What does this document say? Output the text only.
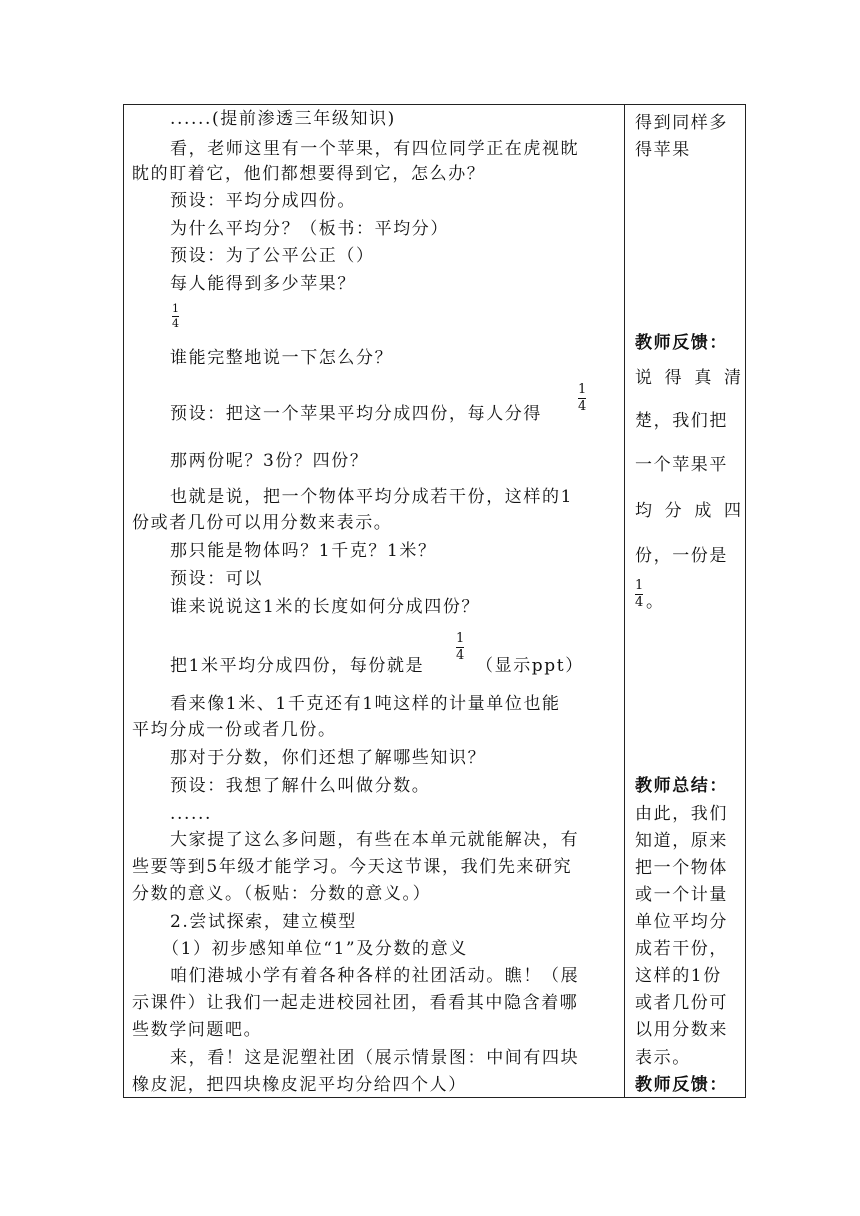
......(提前渗透三年级知识)
看，老师这里有一个苹果，有四位同学正在虎视眈
眈的盯着它，他们都想要得到它，怎么办？
预设：平均分成四份。
为什么平均分？（板书：平均分）
预设：为了公平公正（）
每人能得到多少苹果？
1
4
谁能完整地说一下怎么分？
预设：把这一个苹果平均分成四份，每人分得
1
4
那两份呢？3份？四份？
也就是说，把一个物体平均分成若干份，这样的1
份或者几份可以用分数来表示。
那只能是物体吗？1千克？1米？
预设：可以
谁来说说这1米的长度如何分成四份？
把1米平均分成四份，每份就是
1
4
（显示ppt）
看来像1米、1千克还有1吨这样的计量单位也能
平均分成一份或者几份。
那对于分数，你们还想了解哪些知识？
预设：我想了解什么叫做分数。
......
大家提了这么多问题，有些在本单元就能解决，有
些要等到5年级才能学习。今天这节课，我们先来研究
分数的意义。（板贴：分数的意义。）
2.尝试探索，建立模型
（1）初步感知单位“1”及分数的意义
咱们港城小学有着各种各样的社团活动。瞧！（展
示课件）让我们一起走进校园社团，看看其中隐含着哪
些数学问题吧。
来，看！这是泥塑社团（展示情景图：中间有四块
橡皮泥，把四块橡皮泥平均分给四个人）
得到同样多
得苹果
教师反馈：
说 得 真 清
楚，我们把
一个苹果平
均 分 成 四
份，一份是
1
4 。
教师总结：
由此，我们
知道，原来
把一个物体
或一个计量
单位平均分
成若干份，
这样的1份
或者几份可
以用分数来
表示。
教师反馈：
